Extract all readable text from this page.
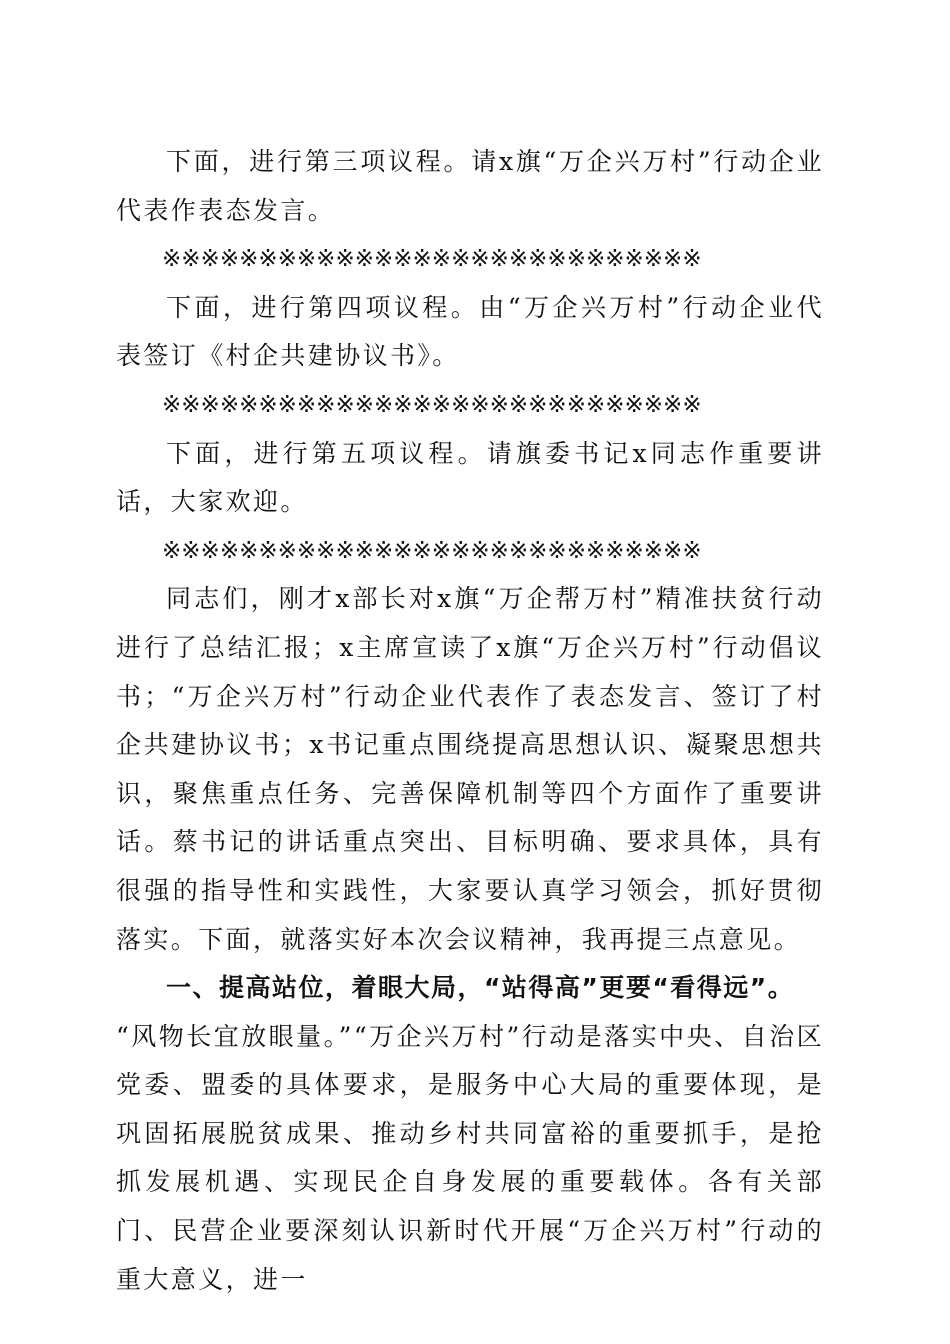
下面，进行第三项议程。请x旗“万企兴万村”行动企业代表作表态发言。

※※※※※※※※※※※※※※※※※※※※※※※※※※※※

下面，进行第四项议程。由“万企兴万村”行动企业代表签订《村企共建协议书》。

※※※※※※※※※※※※※※※※※※※※※※※※※※※※

下面，进行第五项议程。请旗委书记x同志作重要讲话，大家欢迎。

※※※※※※※※※※※※※※※※※※※※※※※※※※※※

同志们，刚才x部长对x旗“万企帮万村”精准扶贫行动进行了总结汇报；x主席宣读了x旗“万企兴万村”行动倡议书；“万企兴万村”行动企业代表作了表态发言、签订了村企共建协议书；x书记重点围绕提高思想认识、凝聚思想共识，聚焦重点任务、完善保障机制等四个方面作了重要讲话。蔡书记的讲话重点突出、目标明确、要求具体，具有很强的指导性和实践性，大家要认真学习领会，抓好贯彻落实。下面，就落实好本次会议精神，我再提三点意见。

一、提高站位，着眼大局，“站得高”更要“看得远”。
“风物长宜放眼量。”“万企兴万村”行动是落实中央、自治区党委、盟委的具体要求，是服务中心大局的重要体现，是巩固拓展脱贫成果、推动乡村共同富裕的重要抓手，是抢抓发展机遇、实现民企自身发展的重要载体。各有关部门、民营企业要深刻认识新时代开展“万企兴万村”行动的重大意义，进一
